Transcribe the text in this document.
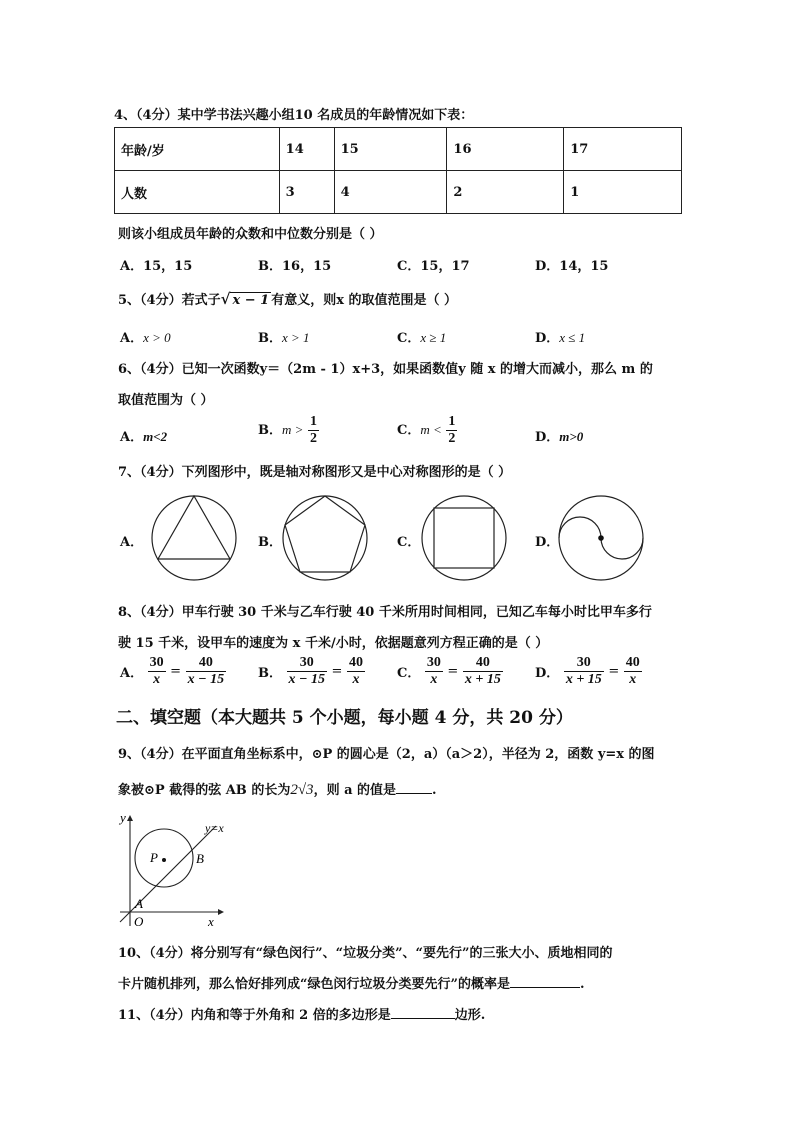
4、（4分）某中学书法兴趣小组10 名成员的年龄情况如下表：
年龄/岁	14	15	16	17
人数	3	4	2	1
则该小组成员年龄的众数和中位数分别是（ ）
A．15，15	B．16，15	C．15，17	D．14，15
5、（4分）若式子√ x − 1 有意义，则x 的取值范围是（ ）
A．x > 0	B．x > 1	C．x ≥ 1	D．x ≤ 1
6、（4分）已知一次函数y＝（2m - 1）x+3，如果函数值y 随 x 的增大而减小，那么 m 的
取值范围为（ ）
A．m<2	B．$m > \frac{1}{2}$	C．$m < \frac{1}{2}$	D．m>0
7、（4分）下列图形中，既是轴对称图形又是中心对称图形的是（ ）
A．	B．	C．	D．
8、（4分）甲车行驶 30 千米与乙车行驶 40 千米所用时间相同，已知乙车每小时比甲车多行
驶 15 千米，设甲车的速度为 x 千米/小时，依据题意列方程正确的是（ ）
A． $\frac{30}{x} = \frac{40}{x - 15}$ B． $\frac{30}{x - 15} = \frac{40}{x}$ C． $\frac{30}{x} = \frac{40}{x + 15}$ D． $\frac{30}{x + 15} = \frac{40}{x}$
二、填空题（本大题共 5 个小题，每小题 4 分，共 20 分）
9、（4分）在平面直角坐标系中，⊙P 的圆心是（2，a）（a＞2），半径为 2，函数 y=x 的图
象被⊙P 截得的弦 AB 的长为2√3，则 a 的值是	.
y
x
O
y=x
P
A
B
10、（4分）将分别写有“绿色闵行”、“垃圾分类”、“要先行”的三张大小、质地相同的
卡片随机排列，那么恰好排列成“绿色闵行垃圾分类要先行”的概率是	.
11、（4分）内角和等于外角和 2 倍的多边形是	边形.
